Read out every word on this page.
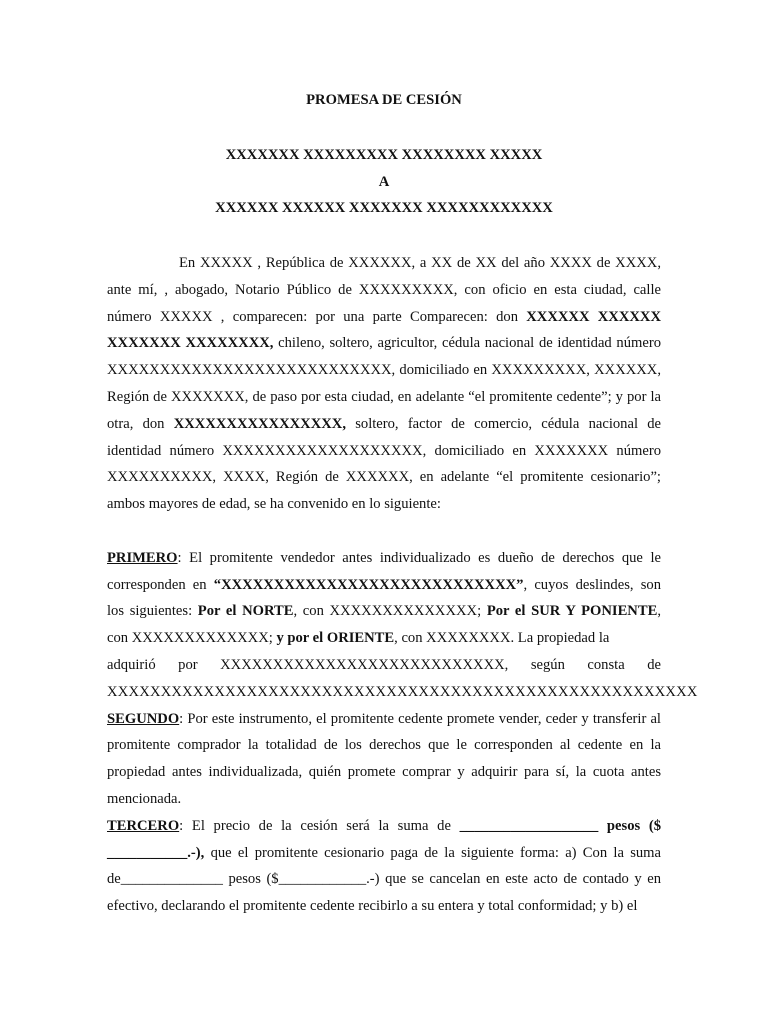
PROMESA DE CESIÓN
XXXXXXX XXXXXXXXX XXXXXXXX XXXXX
A
XXXXXX XXXXXX XXXXXXX XXXXXXXXXXXX

En XXXXX , República de XXXXXX, a XX de XX del año XXXX de XXXX, ante mí, , abogado, Notario Público de XXXXXXXXX, con oficio en esta ciudad, calle número XXXXX , comparecen: por una parte Comparecen: don XXXXXX XXXXXX XXXXXXX XXXXXXXX, chileno, soltero, agricultor, cédula nacional de identidad número XXXXXXXXXXXXXXXXXXXXXXXXXXX, domiciliado en XXXXXXXXX, XXXXXX, Región de XXXXXXX, de paso por esta ciudad, en adelante “el promitente cedente”; y por la otra, don XXXXXXXXXXXXXXXX, soltero, factor de comercio, cédula nacional de identidad número XXXXXXXXXXXXXXXXXXX, domiciliado en XXXXXXX número XXXXXXXXXX, XXXX, Región de XXXXXX, en adelante “el promitente cesionario”; ambos mayores de edad, se ha convenido en lo siguiente:

PRIMERO: El promitente vendedor antes individualizado es dueño de derechos que le corresponden en “XXXXXXXXXXXXXXXXXXXXXXXXXXXX”, cuyos deslindes, son los siguientes: Por el NORTE, con XXXXXXXXXXXXXX; Por el SUR Y PONIENTE, con XXXXXXXXXXXXX; y por el ORIENTE, con XXXXXXXX. La propiedad la

adquirió por XXXXXXXXXXXXXXXXXXXXXXXXXXX, según consta de
XXXXXXXXXXXXXXXXXXXXXXXXXXXXXXXXXXXXXXXXXXXXXXXXXXXXXXX

SEGUNDO: Por este instrumento, el promitente cedente promete vender, ceder y transferir al promitente comprador la totalidad de los derechos que le corresponden al cedente en la propiedad antes individualizada, quién promete comprar y adquirir para sí, la cuota antes mencionada.

TERCERO: El precio de la cesión será la suma de ___________________ pesos ($ ___________.-), que el promitente cesionario paga de la siguiente forma: a) Con la suma de______________ pesos ($____________.-) que se cancelan en este acto de contado y en efectivo, declarando el promitente cedente recibirlo a su entera y total conformidad; y b) el
